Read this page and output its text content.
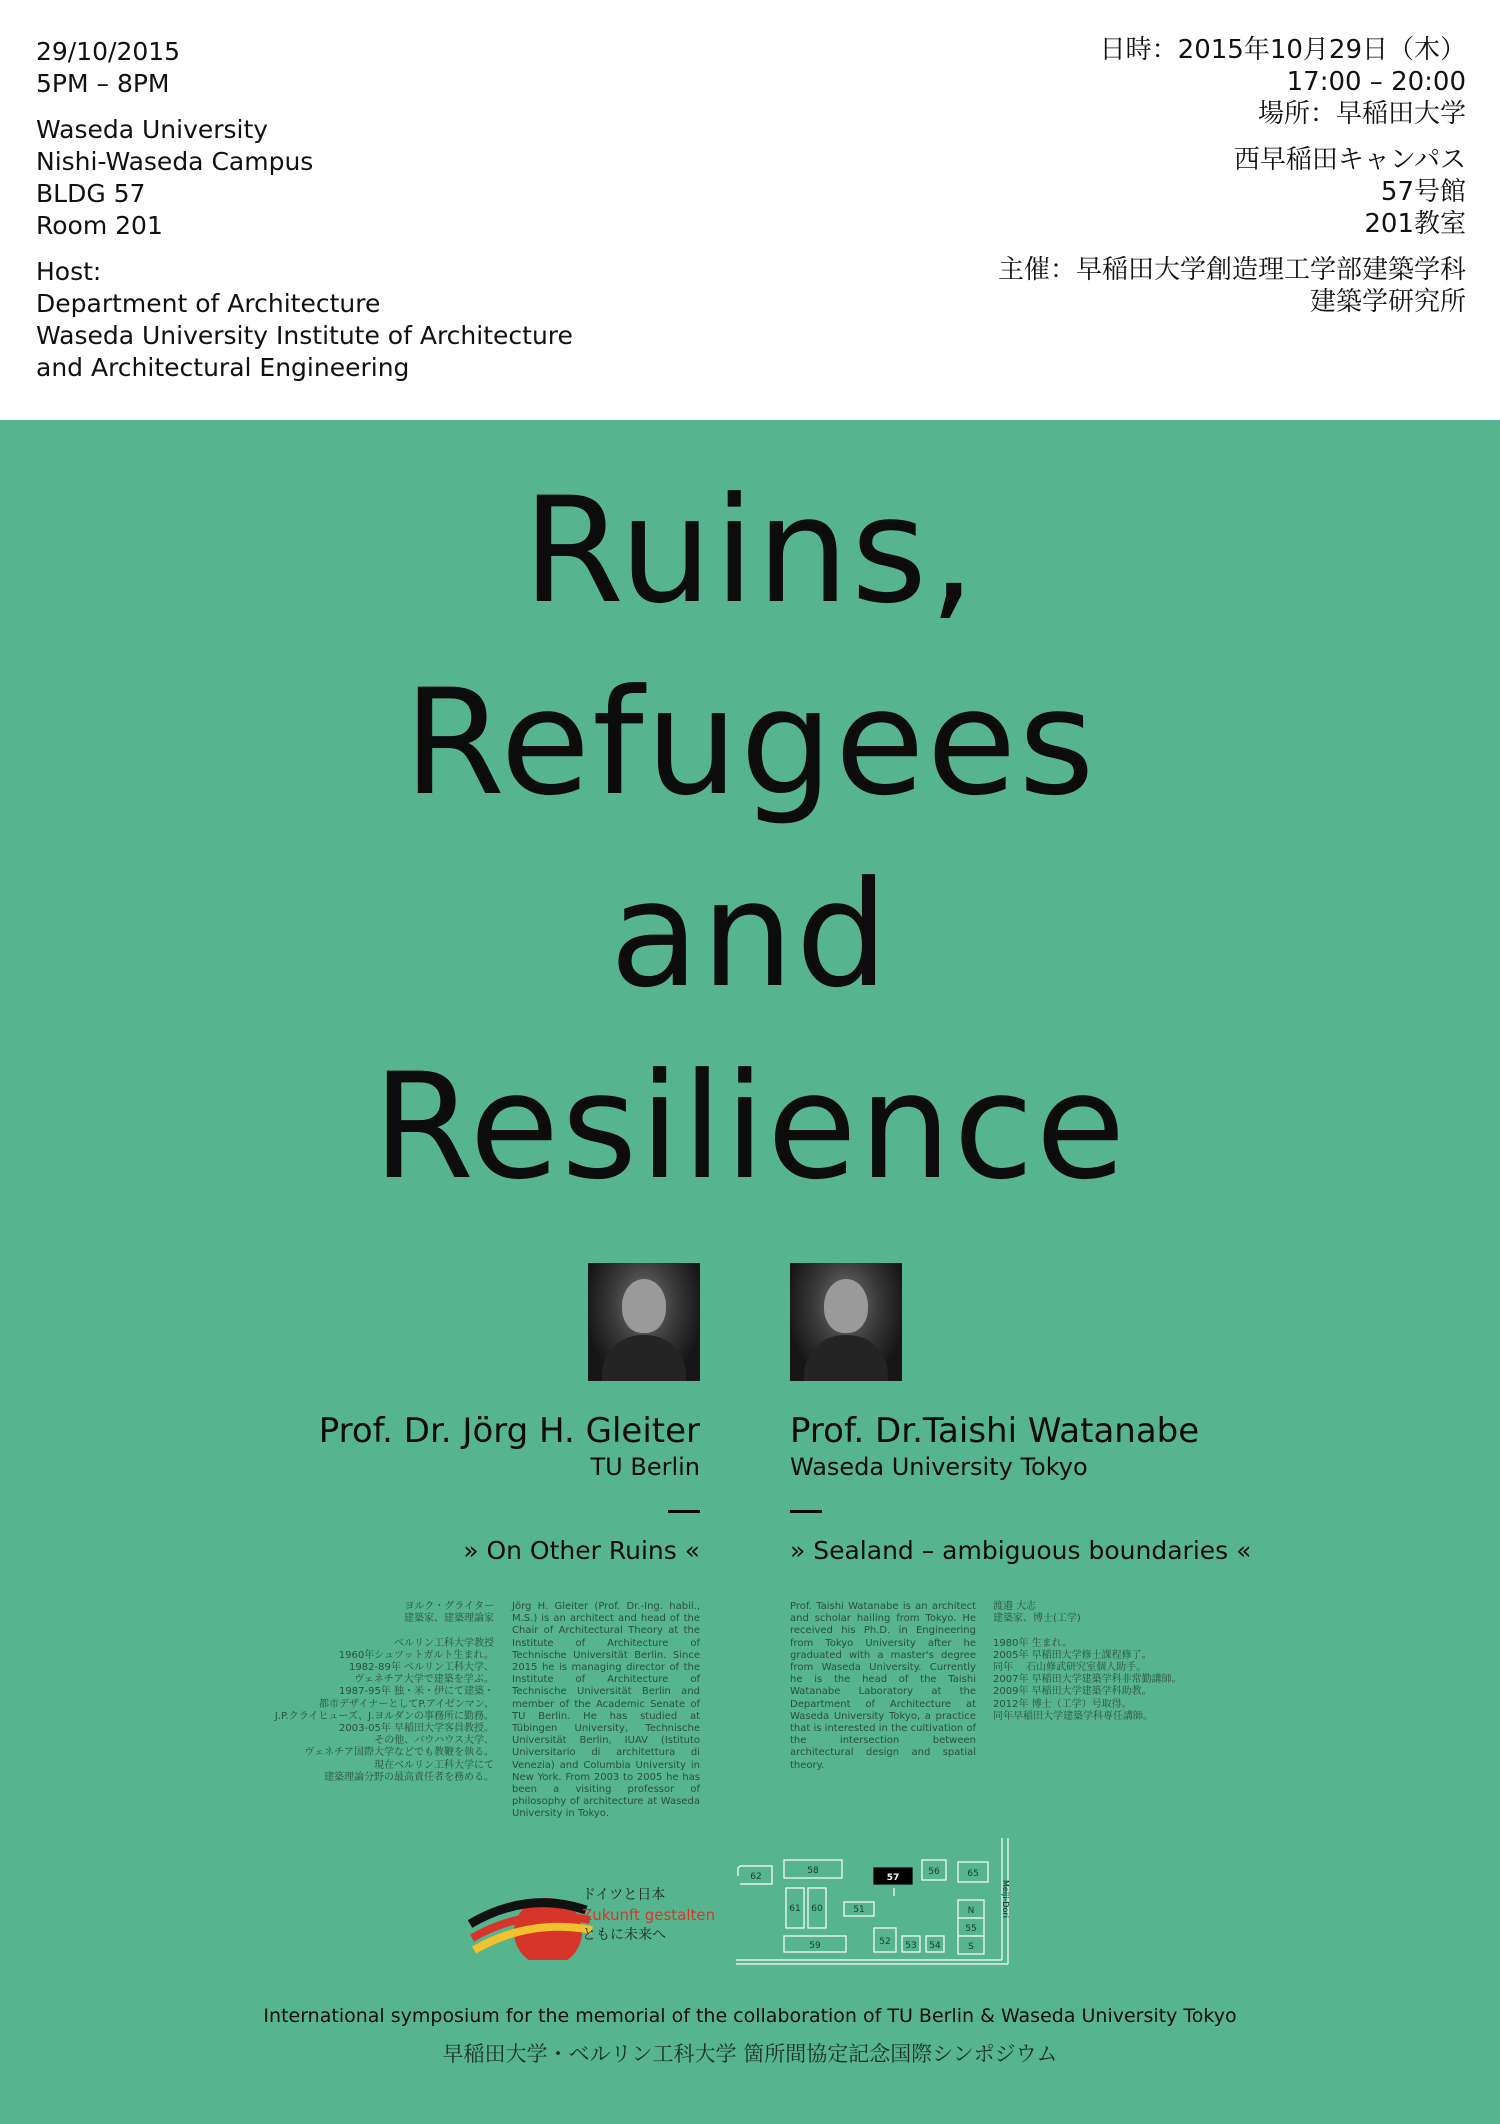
29/10/2015
5PM – 8PM
Waseda University
Nishi-Waseda Campus
BLDG 57
Room 201
Host:
Department of Architecture
Waseda University Institute of Architecture
and Architectural Engineering
日時：2015年10月29日（木）
17:00 – 20:00
場所：早稲田大学
西早稲田キャンパス
57号館
201教室
主催：早稲田大学創造理工学部建築学科
建築学研究所
Ruins,
Refugees
and
Resilience
Prof. Dr. Jörg H. Gleiter
TU Berlin
» On Other Ruins «
Prof. Dr.Taishi Watanabe
Waseda University Tokyo
» Sealand – ambiguous boundaries «
ヨルク・グライター
建築家、建築理論家

ベルリン工科大学教授
1960年シュツットガルト生まれ。
1982-89年 ベルリン工科大学、
ヴェネチア大学で建築を学ぶ。
1987-95年 独・米・伊にて建築・
都市デザイナーとしてP.アイゼンマン、
J.P.クライヒューズ、J.ヨルダンの事務所に勤務。
2003-05年 早稲田大学客員教授。
その他、バウハウス大学、
ヴェネチア国際大学などでも教鞭を執る。
現在ベルリン工科大学にて
建築理論分野の最高責任者を務める。
Jörg H. Gleiter (Prof. Dr.-Ing. habil., M.S.) is an architect and head of the Chair of Architectural Theory at the Institute of Architecture of Technische Universität Berlin. Since 2015 he is managing director of the Institute of Architecture of Technische Universität Berlin and member of the Academic Senate of TU Berlin. He has studied at Tübingen University, Technische Universität Berlin, IUAV (Istituto Universitario di architettura di Venezia) and Columbia University in New York. From 2003 to 2005 he has been a visiting professor of philosophy of architecture at Waseda University in Tokyo.
Prof. Taishi Watanabe is an architect and scholar hailing from Tokyo. He received his Ph.D. in Engineering from Tokyo University after he graduated with a master's degree from Waseda University. Currently he is the head of the Taishi Watanabe Laboratory at the Department of Architecture at Waseda University Tokyo, a practice that is interested in the cultivation of the intersection between architectural design and spatial theory.
渡邉 大志
建築家、博士(工学)

1980年 生まれ。
2005年 早稲田大学修士課程修了。
同年 　石山修武研究室個人助手。
2007年 早稲田大学建築学科非常勤講師。
2009年 早稲田大学建築学科助教。
2012年 博士（工学）号取得。
同年早稲田大学建築学科専任講師。
ドイツと日本
Zukunft gestalten
ともに未来へ
62
58
57
56	65
61 60	51	N
55
S
59	52 53 54
Meiji-Dori
International symposium for the memorial of the collaboration of TU Berlin & Waseda University Tokyo
早稲田大学・ベルリン工科大学 箇所間協定記念国際シンポジウム
